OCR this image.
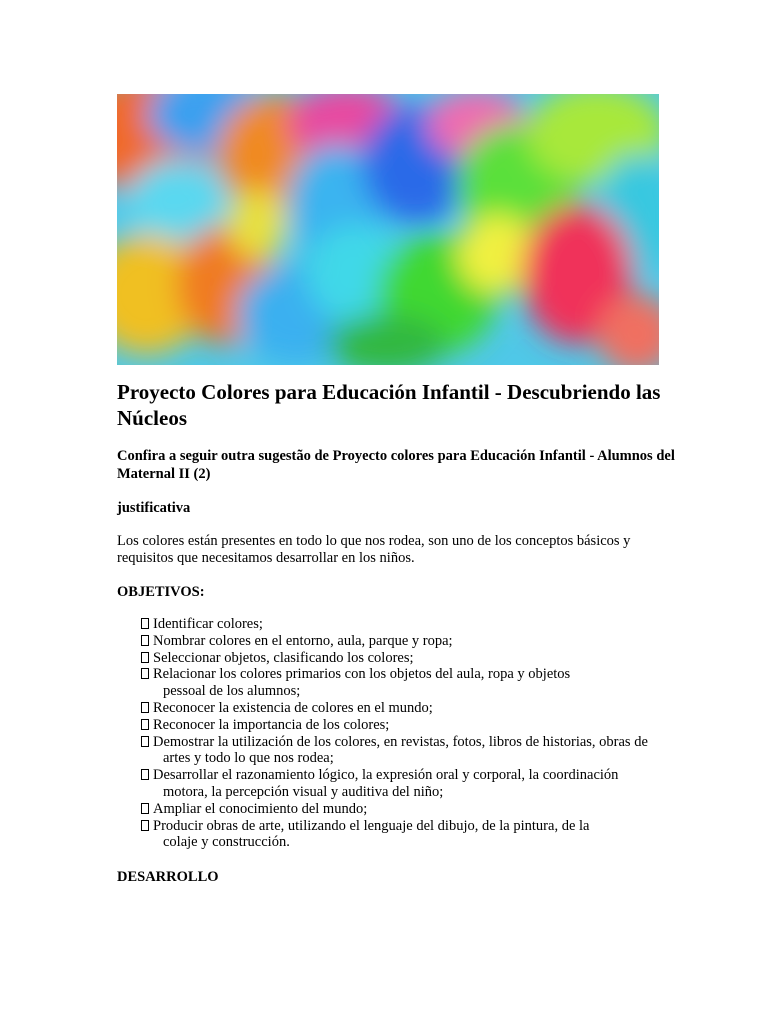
Proyecto Colores para Educación Infantil - Descubriendo las Núcleos

Confira a seguir outra sugestão de Proyecto colores para Educación Infantil - Alumnos del Maternal II (2)

justificativa

Los colores están presentes en todo lo que nos rodea, son uno de los conceptos básicos y requisitos que necesitamos desarrollar en los niños.

OBJETIVOS:

Identificar colores;
Nombrar colores en el entorno, aula, parque y ropa;
Seleccionar objetos, clasificando los colores;
Relacionar los colores primarios con los objetos del aula, ropa y objetos
pessoal de los alumnos;
Reconocer la existencia de colores en el mundo;
Reconocer la importancia de los colores;
Demostrar la utilización de los colores, en revistas, fotos, libros de historias, obras de
artes y todo lo que nos rodea;
Desarrollar el razonamiento lógico, la expresión oral y corporal, la coordinación
motora, la percepción visual y auditiva del niño;
Ampliar el conocimiento del mundo;
Producir obras de arte, utilizando el lenguaje del dibujo, de la pintura, de la
colaje y construcción.

DESARROLLO
